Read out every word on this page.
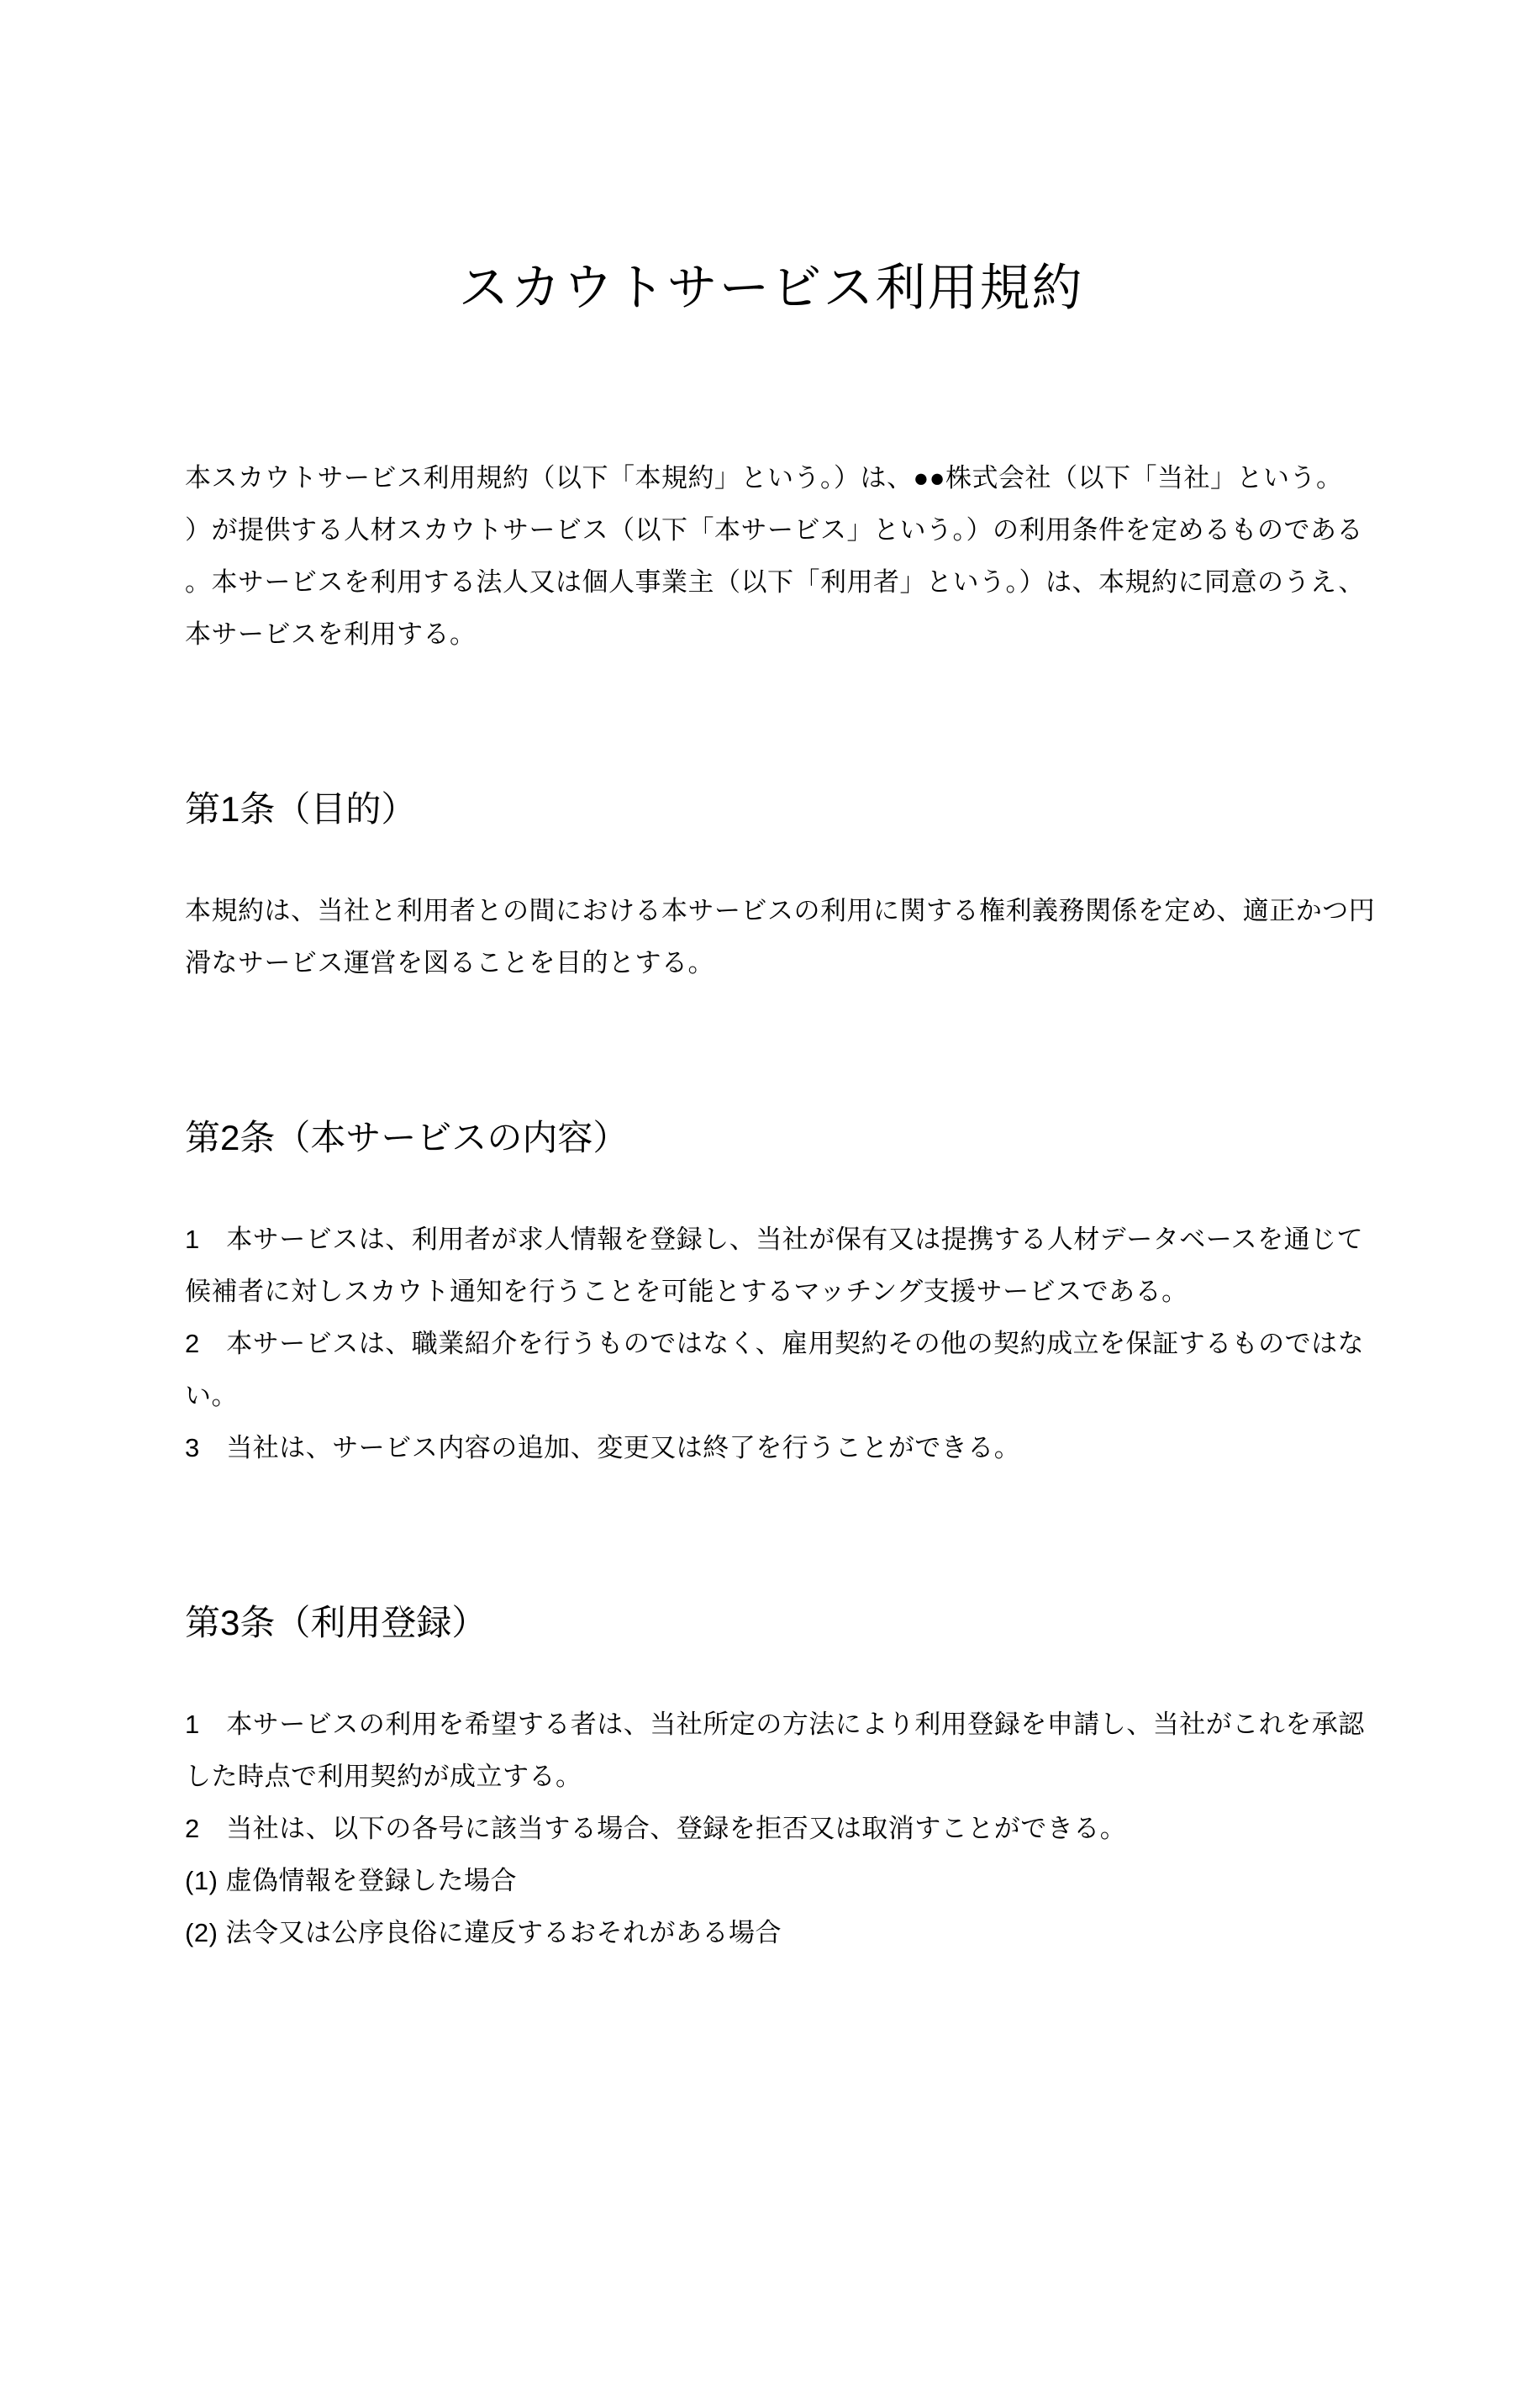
スカウトサービス利用規約
本スカウトサービス利用規約（以下「本規約」という。）は、●●株式会社（以下「当社」という。
）が提供する人材スカウトサービス（以下「本サービス」という。）の利用条件を定めるものである
。本サービスを利用する法人又は個人事業主（以下「利用者」という。）は、本規約に同意のうえ、
本サービスを利用する。
第1条（目的）
本規約は、当社と利用者との間における本サービスの利用に関する権利義務関係を定め、適正かつ円
滑なサービス運営を図ることを目的とする。
第2条（本サービスの内容）
1　本サービスは、利用者が求人情報を登録し、当社が保有又は提携する人材データベースを通じて
候補者に対しスカウト通知を行うことを可能とするマッチング支援サービスである。
2　本サービスは、職業紹介を行うものではなく、雇用契約その他の契約成立を保証するものではな
い。
3　当社は、サービス内容の追加、変更又は終了を行うことができる。
第3条（利用登録）
1　本サービスの利用を希望する者は、当社所定の方法により利用登録を申請し、当社がこれを承認
した時点で利用契約が成立する。
2　当社は、以下の各号に該当する場合、登録を拒否又は取消すことができる。
(1) 虚偽情報を登録した場合
(2) 法令又は公序良俗に違反するおそれがある場合
